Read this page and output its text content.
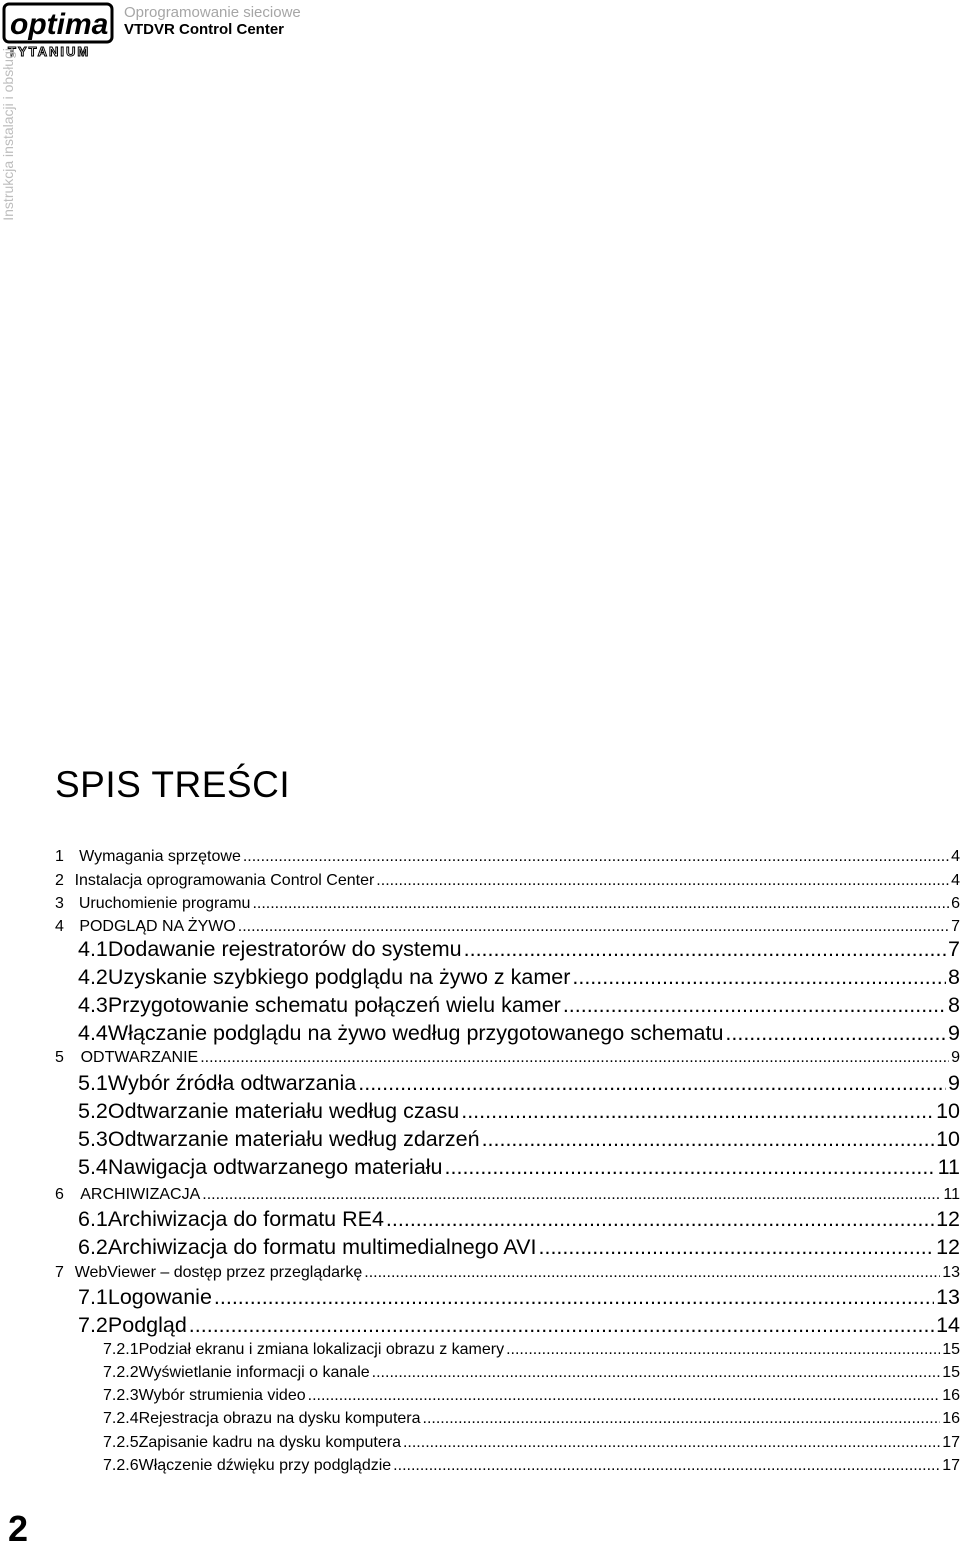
optima
TYTANIUM
Oprogramowanie sieciowe
VTDVR Control Center
Instrukcja instalacji i obsługi
SPIS TREŚCI
1 Wymagania sprzętowe .....	4
2 Instalacja oprogramowania Control Center .....	4
3 Uruchomienie programu .....	6
4 PODGLĄD NA ŻYWO .....	7
4.1 Dodawanie rejestratorów do systemu .....	7
4.2 Uzyskanie szybkiego podglądu na żywo z kamer .....	8
4.3 Przygotowanie schematu połączeń wielu kamer .....	8
4.4 Włączanie podglądu na żywo według przygotowanego schematu .....	9
5	ODTWARZANIE .....	9
5.1 Wybór źródła odtwarzania .....	9
5.2 Odtwarzanie materiału według czasu .....	10
5.3 Odtwarzanie materiału według zdarzeń .....	10
5.4 Nawigacja odtwarzanego materiału .....	11
6	ARCHIWIZACJA .....	11
6.1 Archiwizacja do formatu RE4 .....	12
6.2 Archiwizacja do formatu multimedialnego AVI .....	12
7 WebViewer – dostęp przez przeglądarkę .....	13
7.1 Logowanie .....	13
7.2 Podgląd .....	14
7.2.1 Podział ekranu i zmiana lokalizacji obrazu z kamery .....	15
7.2.2 Wyświetlanie informacji o kanale .....	15
7.2.3 Wybór strumienia video .....	16
7.2.4 Rejestracja obrazu na dysku komputera .....	16
7.2.5 Zapisanie kadru na dysku komputera .....	17
7.2.6 Włączenie dźwięku przy podglądzie .....	17
2
